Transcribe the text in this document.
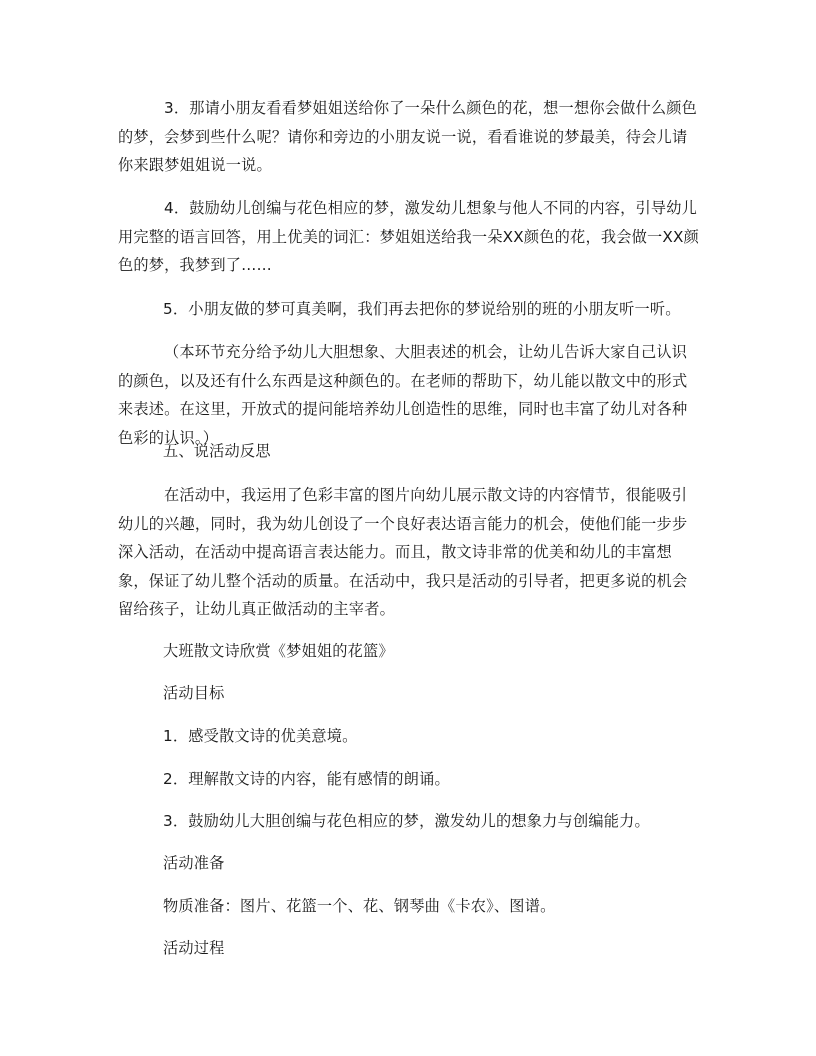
3．那请小朋友看看梦姐姐送给你了一朵什么颜色的花，想一想你会做什么颜色的梦，会梦到些什么呢？请你和旁边的小朋友说一说，看看谁说的梦最美，待会儿请你来跟梦姐姐说一说。

4．鼓励幼儿创编与花色相应的梦，激发幼儿想象与他人不同的内容，引导幼儿用完整的语言回答，用上优美的词汇：梦姐姐送给我一朵XX颜色的花，我会做一XX颜色的梦，我梦到了……

5．小朋友做的梦可真美啊，我们再去把你的梦说给别的班的小朋友听一听。

（本环节充分给予幼儿大胆想象、大胆表述的机会，让幼儿告诉大家自己认识的颜色，以及还有什么东西是这种颜色的。在老师的帮助下，幼儿能以散文中的形式来表述。在这里，开放式的提问能培养幼儿创造性的思维，同时也丰富了幼儿对各种色彩的认识。）

五、说活动反思

在活动中，我运用了色彩丰富的图片向幼儿展示散文诗的内容情节，很能吸引幼儿的兴趣，同时，我为幼儿创设了一个良好表达语言能力的机会，使他们能一步步深入活动，在活动中提高语言表达能力。而且，散文诗非常的优美和幼儿的丰富想象，保证了幼儿整个活动的质量。在活动中，我只是活动的引导者，把更多说的机会留给孩子，让幼儿真正做活动的主宰者。

大班散文诗欣赏《梦姐姐的花篮》

活动目标

1．感受散文诗的优美意境。

2．理解散文诗的内容，能有感情的朗诵。

3．鼓励幼儿大胆创编与花色相应的梦，激发幼儿的想象力与创编能力。

活动准备

物质准备：图片、花篮一个、花、钢琴曲《卡农》、图谱。

活动过程
